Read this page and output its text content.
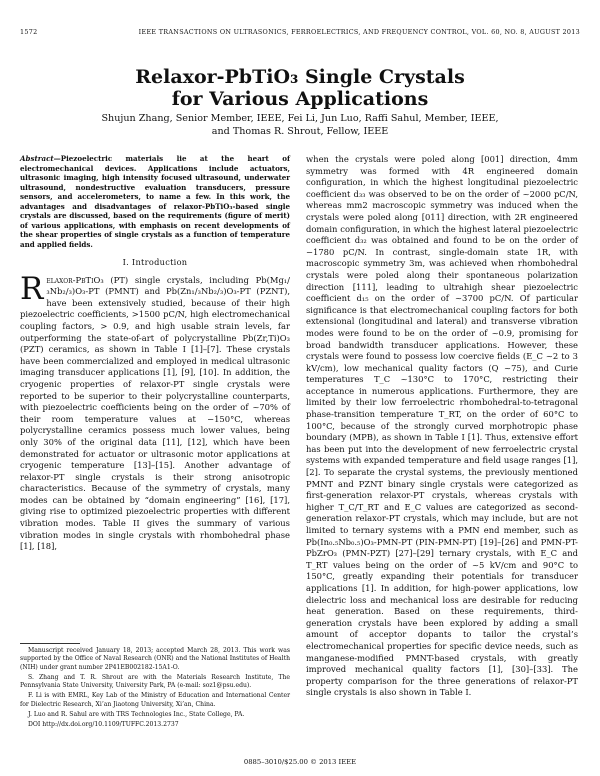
1572	IEEE TRANSACTIONS ON ULTRASONICS, FERROELECTRICS, AND FREQUENCY CONTROL, VOL. 60, NO. 8, AUGUST 2013
Relaxor-PbTiO₃ Single Crystals
for Various Applications
Shujun Zhang, Senior Member, IEEE, Fei Li, Jun Luo, Raffi Sahul, Member, IEEE,
and Thomas R. Shrout, Fellow, IEEE
Abstract—Piezoelectric materials lie at the heart of electromechanical devices. Applications include actuators, ultrasonic imaging, high intensity focused ultrasound, underwater ultrasound, nondestructive evaluation transducers, pressure sensors, and accelerometers, to name a few. In this work, the advantages and disadvantages of relaxor-PbTiO₃-based single crystals are discussed, based on the requirements (figure of merit) of various applications, with emphasis on recent developments of the shear properties of single crystals as a function of temperature and applied fields.
I. Introduction
Relaxor-PbTiO₃ (PT) single crystals, including Pb(Mg₁/₃Nb₂/₃)O₃-PT (PMNT) and Pb(Zn₁/₃Nb₂/₃)O₃-PT (PZNT), have been extensively studied, because of their high piezoelectric coefficients, >1500 pC/N, high electromechanical coupling factors, > 0.9, and high usable strain levels, far outperforming the state-of-art of polycrystalline Pb(Zr,Ti)O₃ (PZT) ceramics, as shown in Table I [1]–[7]. These crystals have been commercialized and employed in medical ultrasonic imaging transducer applications [1], [9], [10]. In addition, the cryogenic properties of relaxor-PT single crystals were reported to be superior to their polycrystalline counterparts, with piezoelectric coefficients being on the order of ~70% of their room temperature values at −150°C, whereas polycrystalline ceramics possess much lower values, being only 30% of the original data [11], [12], which have been demonstrated for actuator or ultrasonic motor applications at cryogenic temperature [13]–[15]. Another advantage of relaxor-PT single crystals is their strong anisotropic characteristics. Because of the symmetry of crystals, many modes can be obtained by “domain engineering” [16], [17], giving rise to optimized piezoelectric properties with different vibration modes. Table II gives the summary of various vibration modes in single crystals with rhombohedral phase [1], [18],
when the crystals were poled along [001] direction, 4mm symmetry was formed with 4R engineered domain configuration, in which the highest longitudinal piezoelectric coefficient d₃₃ was observed to be on the order of ~2000 pC/N, whereas mm2 macroscopic symmetry was induced when the crystals were poled along [011] direction, with 2R engineered domain configuration, in which the highest lateral piezoelectric coefficient d₃₂ was obtained and found to be on the order of −1780 pC/N. In contrast, single-domain state 1R, with macroscopic symmetry 3m, was achieved when rhombohedral crystals were poled along their spontaneous polarization direction [111], leading to ultrahigh shear piezoelectric coefficient d₁₅ on the order of ~3700 pC/N. Of particular significance is that electromechanical coupling factors for both extensional (longitudinal and lateral) and transverse vibration modes were found to be on the order of ~0.9, promising for broad bandwidth transducer applications. However, these crystals were found to possess low coercive fields (E_C ~2 to 3 kV/cm), low mechanical quality factors (Q ~75), and Curie temperatures T_C ~130°C to 170°C, restricting their acceptance in numerous applications. Furthermore, they are limited by their low ferroelectric rhombohedral-to-tetragonal phase-transition temperature T_RT, on the order of 60°C to 100°C, because of the strongly curved morphotropic phase boundary (MPB), as shown in Table I [1]. Thus, extensive effort has been put into the development of new ferroelectric crystal systems with expanded temperature and field usage ranges [1], [2]. To separate the crystal systems, the previously mentioned PMNT and PZNT binary single crystals were categorized as first-generation relaxor-PT crystals, whereas crystals with higher T_C/T_RT and E_C values are categorized as second-generation relaxor-PT crystals, which may include, but are not limited to ternary systems with a PMN end member, such as Pb(In₀.₅Nb₀.₅)O₃-PMN-PT (PIN-PMN-PT) [19]–[26] and PMN-PT-PbZrO₃ (PMN-PZT) [27]–[29] ternary crystals, with E_C and T_RT values being on the order of ~5 kV/cm and 90°C to 150°C, greatly expanding their potentials for transducer applications [1]. In addition, for high-power applications, low dielectric loss and mechanical loss are desirable for reducing heat generation. Based on these requirements, third-generation crystals have been explored by adding a small amount of acceptor dopants to tailor the crystal’s electromechanical properties for specific device needs, such as manganese-modified PMNT-based crystals, with greatly improved mechanical quality factors [1], [30]–[33]. The property comparison for the three generations of relaxor-PT single crystals is also shown in Table I.

Manuscript received January 18, 2013; accepted March 28, 2013. This work was supported by the Office of Naval Research (ONR) and the National Institutes of Health (NIH) under grant number 2P41EB002182-15A1-O.

S. Zhang and T. R. Shrout are with the Materials Research Institute, The Pennsylvania State University, University Park, PA (e-mail: soz1@psu.edu).

F. Li is with EMRL, Key Lab of the Ministry of Education and International Center for Dielectric Research, Xi’an Jiaotong University, Xi’an, China.

J. Luo and R. Sahul are with TRS Technologies Inc., State College, PA.

DOI http://dx.doi.org/10.1109/TUFFC.2013.2737

0885–3010/$25.00 © 2013 IEEE
